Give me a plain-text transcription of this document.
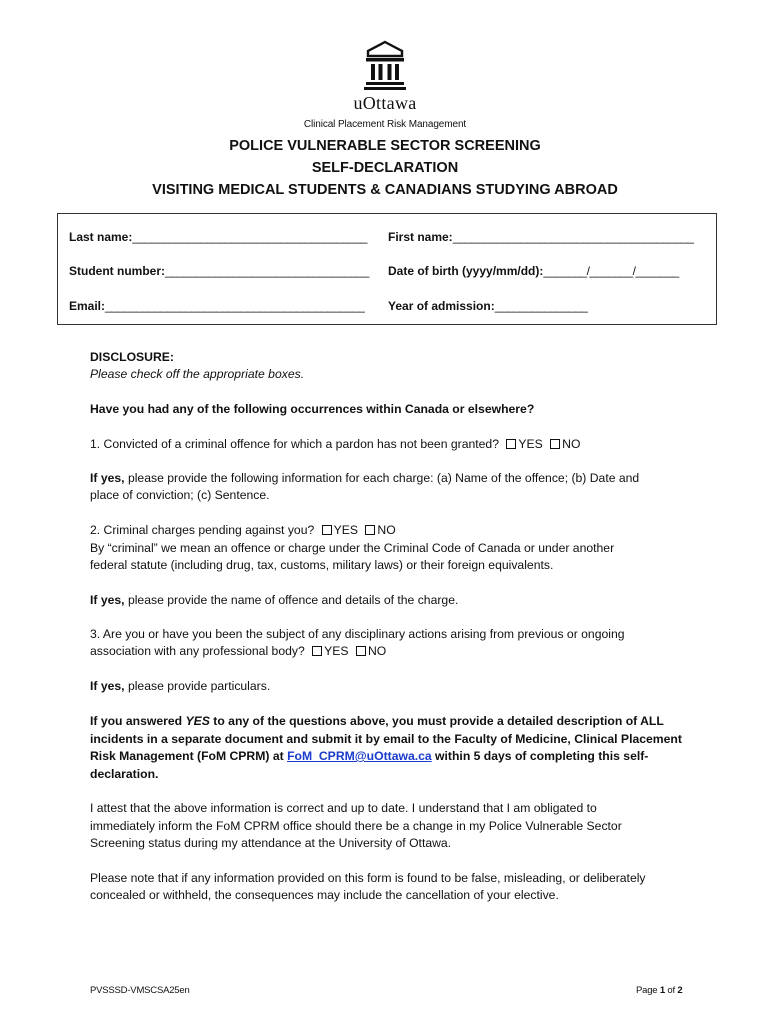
uOttawa
Clinical Placement Risk Management
POLICE VULNERABLE SECTOR SCREENING
SELF-DECLARATION
VISITING MEDICAL STUDENTS & CANADIANS STUDYING ABROAD
Last name:______________________________________ First name:_______________________________________
Student number:_________________________________ Date of birth (yyyy/mm/dd):_______/_______/_______
Email:__________________________________________ Year of admission:_______________
DISCLOSURE:
Please check off the appropriate boxes.
Have you had any of the following occurrences within Canada or elsewhere?
1. Convicted of a criminal offence for which a pardon has not been granted? YES NO
If yes, please provide the following information for each charge: (a) Name of the offence; (b) Date and
place of conviction; (c) Sentence.
2. Criminal charges pending against you? YES NO
By “criminal” we mean an offence or charge under the Criminal Code of Canada or under another
federal statute (including drug, tax, customs, military laws) or their foreign equivalents.
If yes, please provide the name of offence and details of the charge.
3. Are you or have you been the subject of any disciplinary actions arising from previous or ongoing
association with any professional body? YES NO
If yes, please provide particulars.
If you answered YES to any of the questions above, you must provide a detailed description of ALL
incidents in a separate document and submit it by email to the Faculty of Medicine, Clinical Placement
Risk Management (FoM CPRM) at FoM_CPRM@uOttawa.ca within 5 days of completing this self-
declaration.
I attest that the above information is correct and up to date. I understand that I am obligated to
immediately inform the FoM CPRM office should there be a change in my Police Vulnerable Sector
Screening status during my attendance at the University of Ottawa.
Please note that if any information provided on this form is found to be false, misleading, or deliberately
concealed or withheld, the consequences may include the cancellation of your elective.
PVSSSD-VMSCSA25en	Page 1 of 2
